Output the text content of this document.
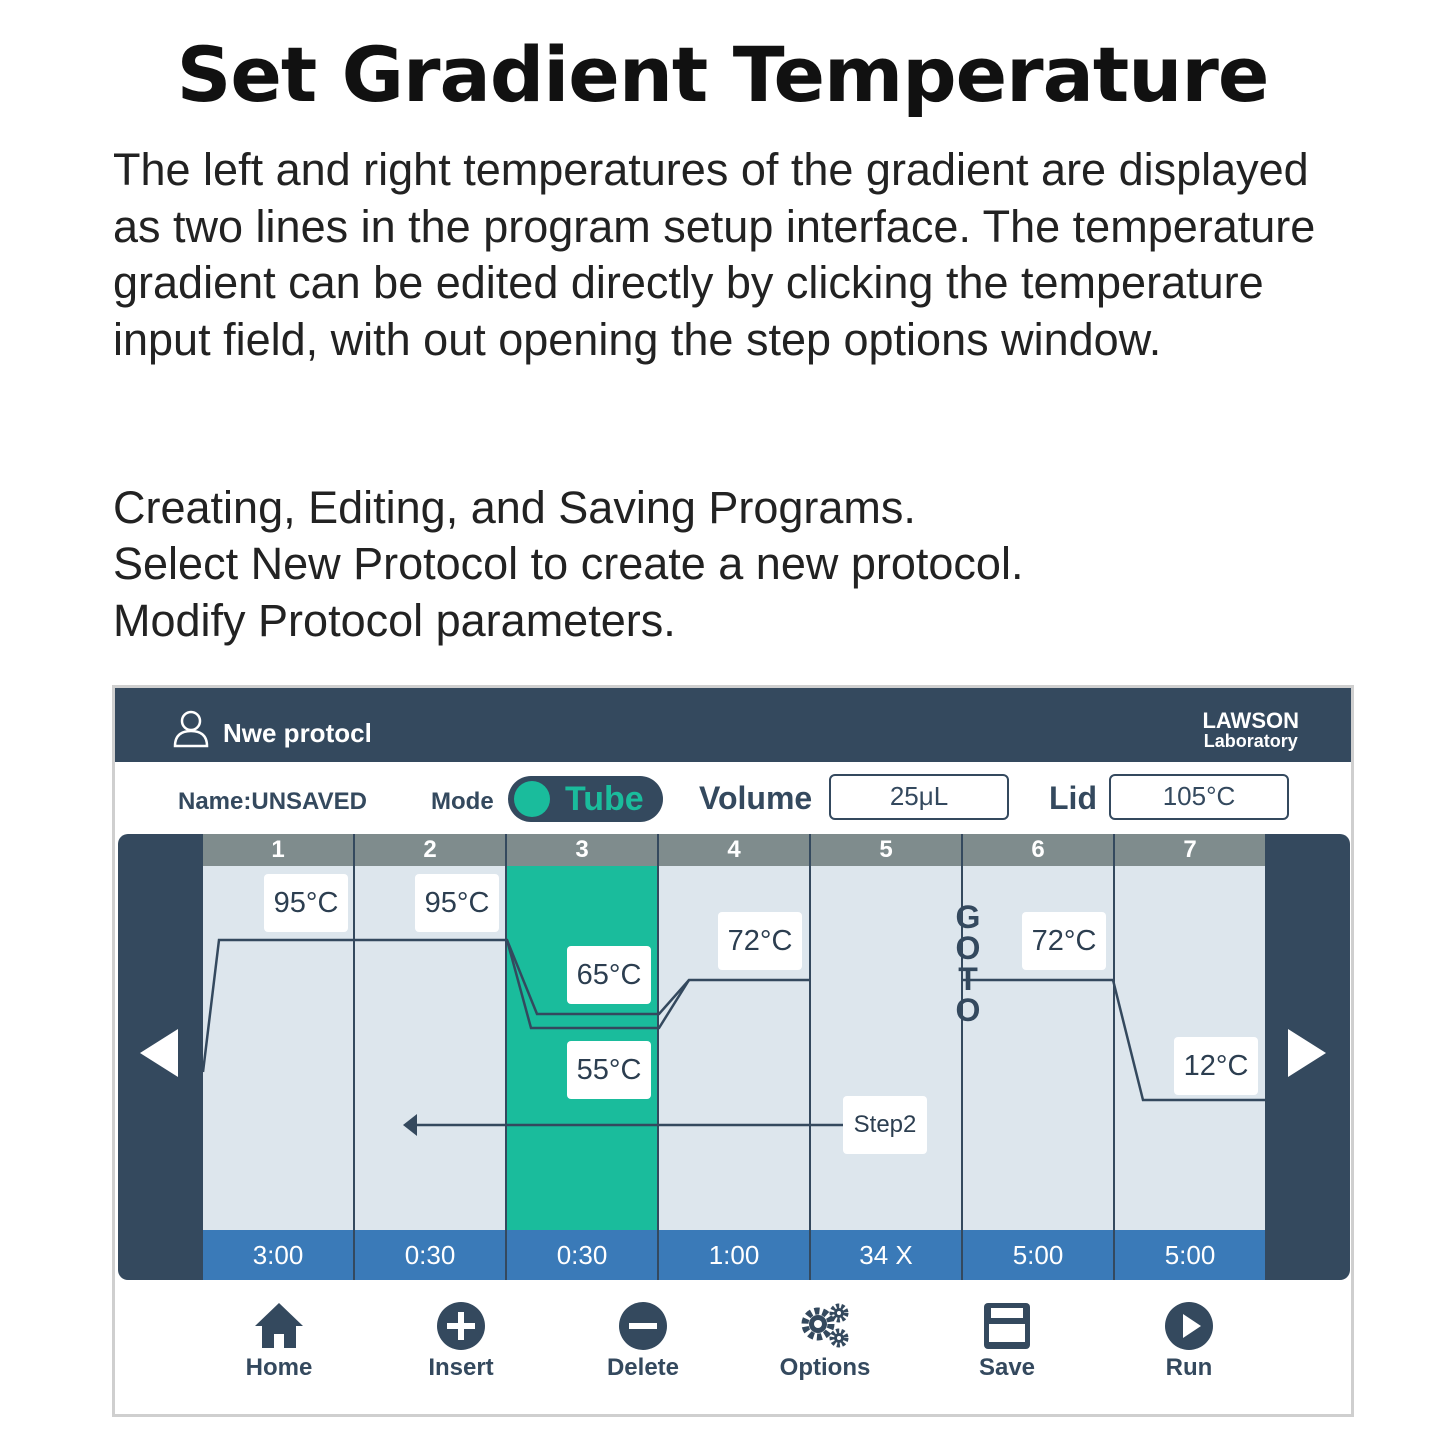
Set Gradient Temperature
The left and right temperatures of the gradient are displayed as two lines in the program setup interface. The temperature gradient can be edited directly by clicking the temperature input field, with out opening the step options window.
Creating, Editing, and Saving Programs.
Select New Protocol to create a new protocol.
Modify Protocol parameters.
Nwe protocl	LAWSON
Laboratory
Name:UNSAVED	Mode Tube Volume	25μL	Lid	105°C
1
3:00
2
0:30
3
0:30
4
1:00
5
34 X
6
5:00
7
5:00
95°C	95°C
65°C
55°C
72°C	72°C
12°C
G
O
T
O
Step2
Home	Insert	Delete	Options	Save	Run
